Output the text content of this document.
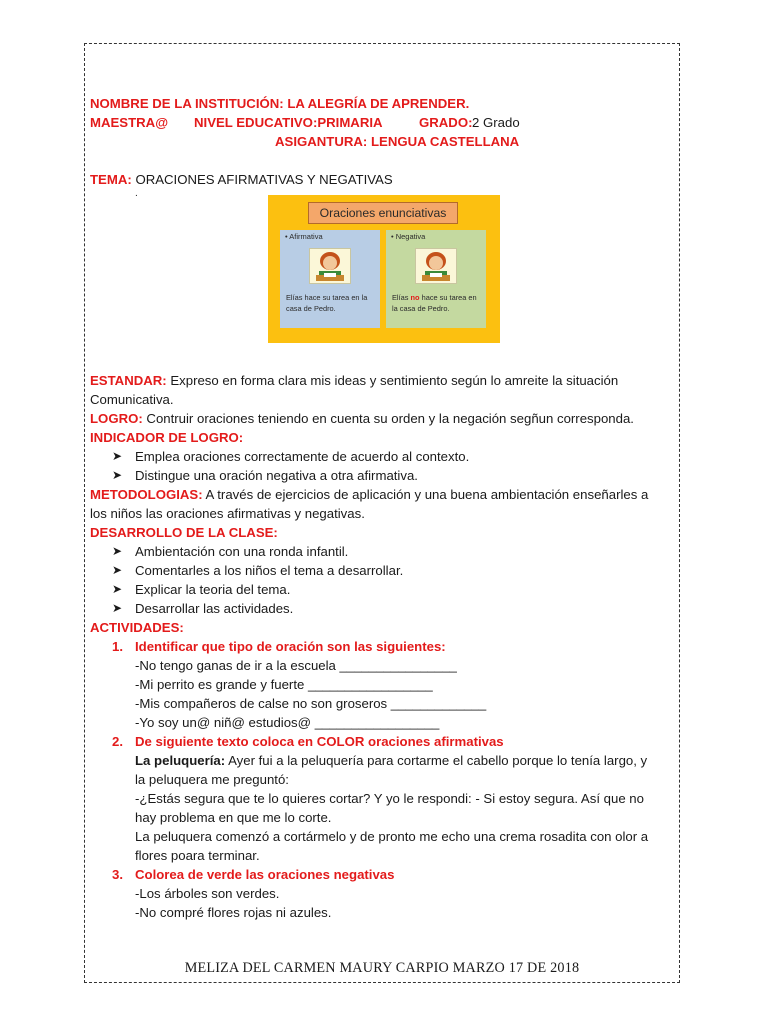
NOMBRE DE LA INSTITUCIÓN: LA ALEGRÍA DE APRENDER.
MAESTRA@ NIVEL EDUCATIVO:PRIMARIA	GRADO: 2 Grado
ASIGANTURA: LENGUA CASTELLANA
TEMA: ORACIONES AFIRMATIVAS Y NEGATIVAS
.
Oraciones enunciativas
• Afirmativa
Elías hace su tarea en la casa de Pedro.
• Negativa
Elías no hace su tarea en la casa de Pedro.
ESTANDAR: Expreso en forma clara mis ideas y sentimiento según lo amreite la situación
Comunicativa.
LOGRO: Contruir oraciones teniendo en cuenta su orden y la negación segñun corresponda.
INDICADOR DE LOGRO:
➤ Emplea oraciones correctamente de acuerdo al contexto.
➤ Distingue una oración negativa a otra afirmativa.
METODOLOGIAS: A través de ejercicios de aplicación y una buena ambientación enseñarles a
los niños las oraciones afirmativas y negativas.
DESARROLLO DE LA CLASE:
➤ Ambientación con una ronda infantil.
➤ Comentarles a los niños el tema a desarrollar.
➤ Explicar la teoria del tema.
➤ Desarrollar las actividades.
ACTIVIDADES:
1. Identificar que tipo de oración son las siguientes:
-No tengo ganas de ir a la escuela ________________
-Mi perrito es grande y fuerte _________________
-Mis compañeros de calse no son groseros _____________
-Yo soy un@ niñ@ estudios@ _________________
2. De siguiente texto coloca en COLOR oraciones afirmativas
La peluquería: Ayer fui a la peluquería para cortarme el cabello porque lo tenía largo, y
la peluquera me preguntó:
-¿Estás segura que te lo quieres cortar? Y yo le respondi: - Si estoy segura. Así que no
hay problema en que me lo corte.
La peluquera comenzó a cortármelo y de pronto me echo una crema rosadita con olor a
flores poara terminar.
3. Colorea de verde las oraciones negativas
-Los árboles son verdes.
-No compré flores rojas ni azules.
MELIZA DEL CARMEN MAURY CARPIO MARZO 17 DE 2018
